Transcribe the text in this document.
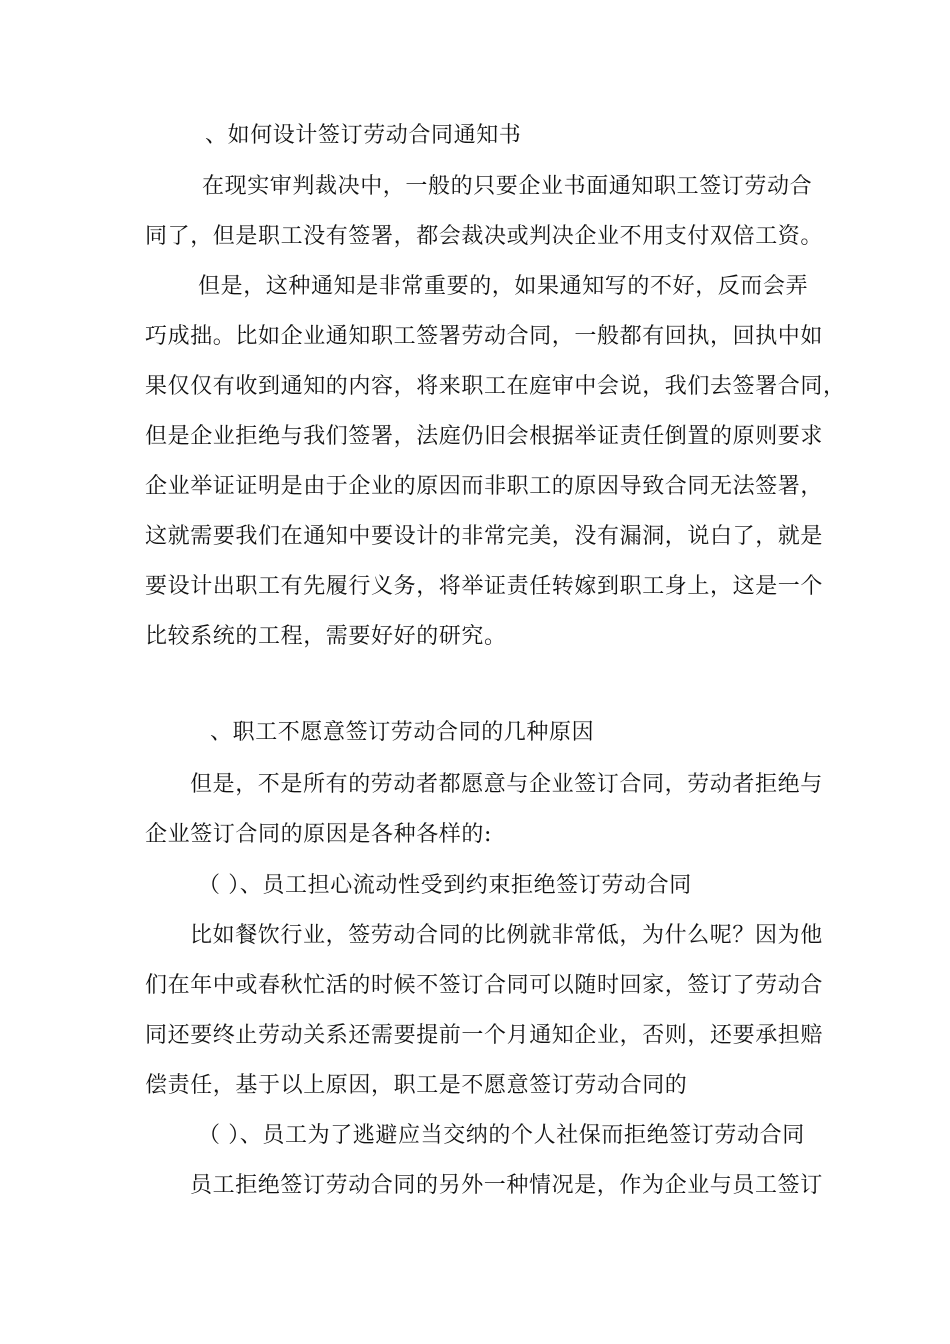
、如何设计签订劳动合同通知书
在现实审判裁决中，一般的只要企业书面通知职工签订劳动合
同了，但是职工没有签署，都会裁决或判决企业不用支付双倍工资。
但是，这种通知是非常重要的，如果通知写的不好，反而会弄
巧成拙。比如企业通知职工签署劳动合同，一般都有回执，回执中如
果仅仅有收到通知的内容，将来职工在庭审中会说，我们去签署合同，
但是企业拒绝与我们签署，法庭仍旧会根据举证责任倒置的原则要求
企业举证证明是由于企业的原因而非职工的原因导致合同无法签署，
这就需要我们在通知中要设计的非常完美，没有漏洞，说白了，就是
要设计出职工有先履行义务，将举证责任转嫁到职工身上，这是一个
比较系统的工程，需要好好的研究。
、职工不愿意签订劳动合同的几种原因
但是，不是所有的劳动者都愿意与企业签订合同，劳动者拒绝与
企业签订合同的原因是各种各样的:
（ ）、员工担心流动性受到约束拒绝签订劳动合同
比如餐饮行业，签劳动合同的比例就非常低，为什么呢？因为他
们在年中或春秋忙活的时候不签订合同可以随时回家，签订了劳动合
同还要终止劳动关系还需要提前一个月通知企业，否则，还要承担赔
偿责任，基于以上原因，职工是不愿意签订劳动合同的
（ ）、员工为了逃避应当交纳的个人社保而拒绝签订劳动合同
员工拒绝签订劳动合同的另外一种情况是，作为企业与员工签订
